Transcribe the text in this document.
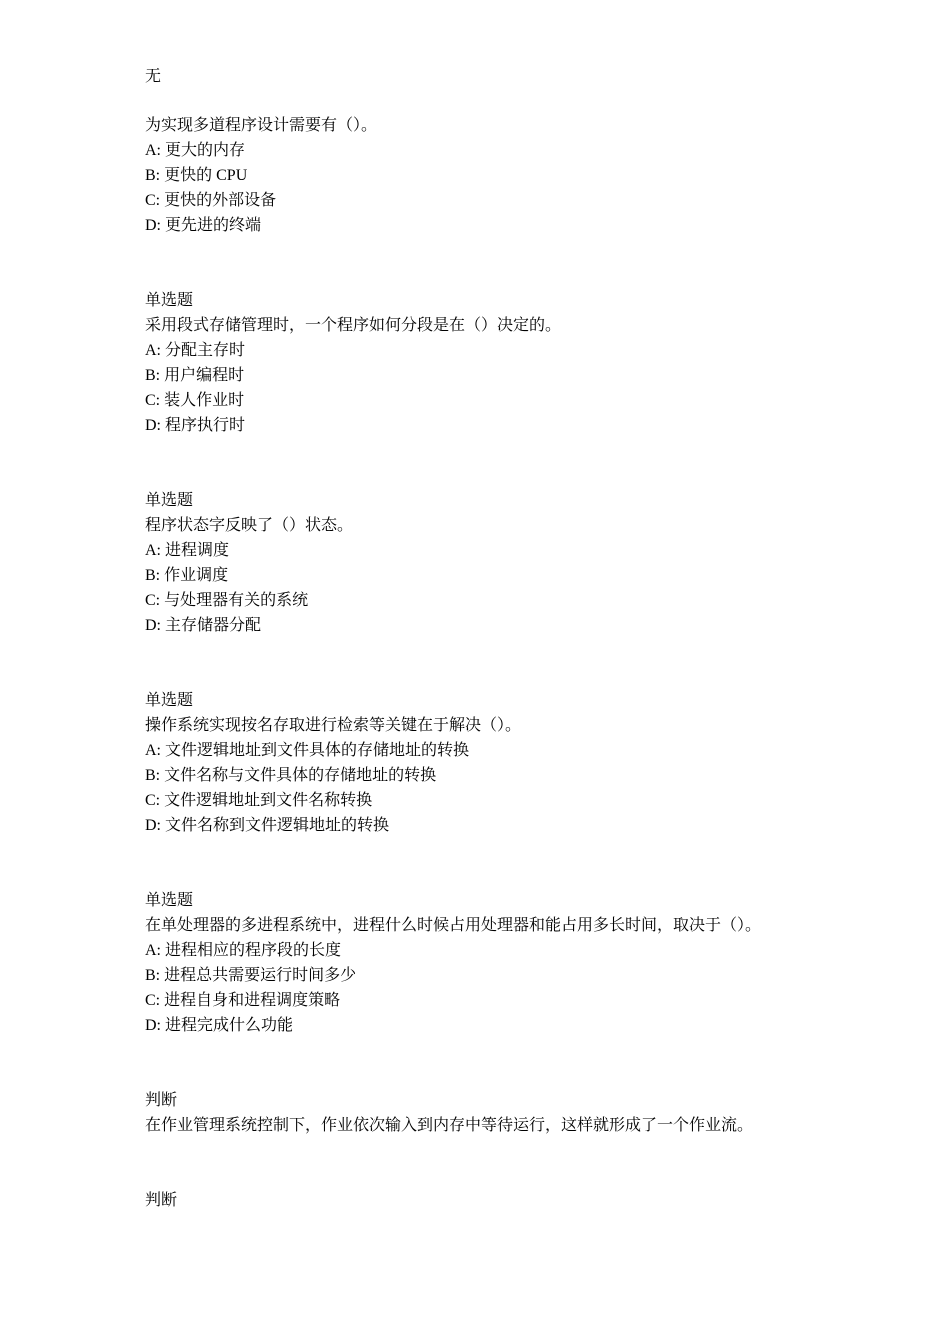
无
为实现多道程序设计需要有（）。
A: 更大的内存
B: 更快的 CPU
C: 更快的外部设备
D: 更先进的终端
单选题
采用段式存储管理时，一个程序如何分段是在（）决定的。
A: 分配主存时
B: 用户编程时
C: 装人作业时
D: 程序执行时
单选题
程序状态字反映了（）状态。
A: 进程调度
B: 作业调度
C: 与处理器有关的系统
D: 主存储器分配
单选题
操作系统实现按名存取进行检索等关键在于解决（）。
A: 文件逻辑地址到文件具体的存储地址的转换
B: 文件名称与文件具体的存储地址的转换
C: 文件逻辑地址到文件名称转换
D: 文件名称到文件逻辑地址的转换
单选题
在单处理器的多进程系统中，进程什么时候占用处理器和能占用多长时间，取决于（）。
A: 进程相应的程序段的长度
B: 进程总共需要运行时间多少
C: 进程自身和进程调度策略
D: 进程完成什么功能
判断
在作业管理系统控制下，作业依次输入到内存中等待运行，这样就形成了一个作业流。
判断
